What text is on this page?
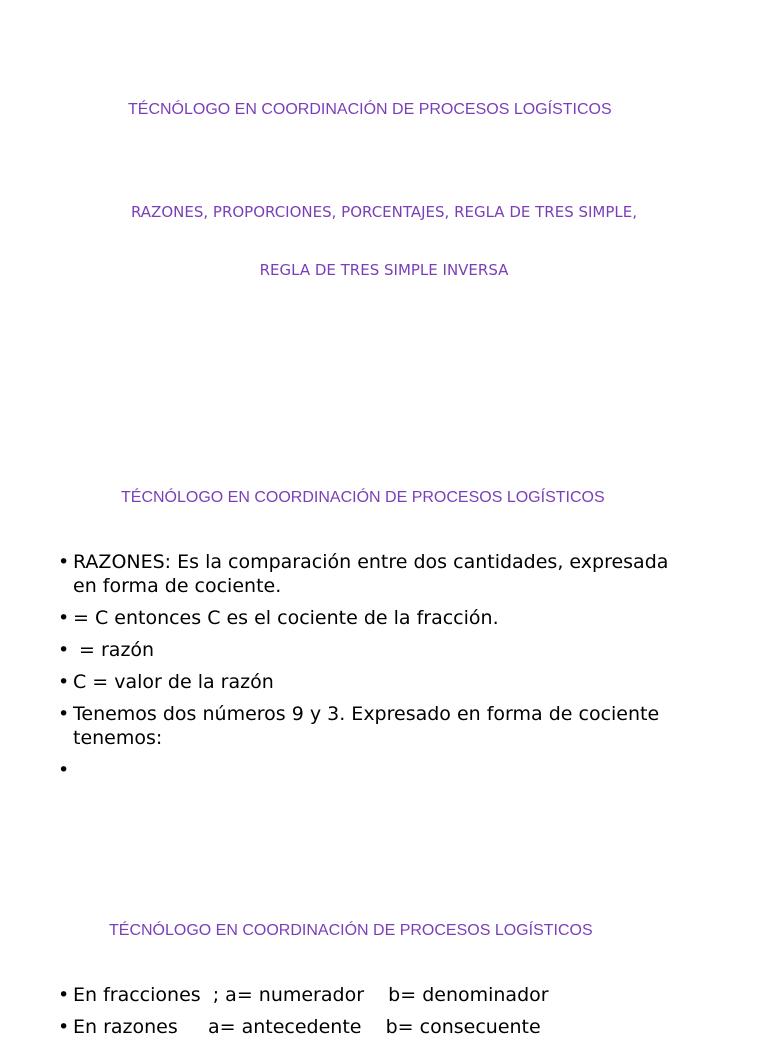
TÉCNÓLOGO EN COORDINACIÓN DE PROCESOS LOGÍSTICOS
RAZONES, PROPORCIONES, PORCENTAJES, REGLA DE TRES SIMPLE,
REGLA DE TRES SIMPLE INVERSA
TÉCNÓLOGO EN COORDINACIÓN DE PROCESOS LOGÍSTICOS
• RAZONES: Es la comparación entre dos cantidades, expresada en forma de cociente.
• = C entonces C es el cociente de la fracción.
• = razón
• C = valor de la razón
• Tenemos dos números 9 y 3. Expresado en forma de cociente tenemos:
•
TÉCNÓLOGO EN COORDINACIÓN DE PROCESOS LOGÍSTICOS
• En fracciones  ; a= numerador    b= denominador
• En razones     a= antecedente    b= consecuente
